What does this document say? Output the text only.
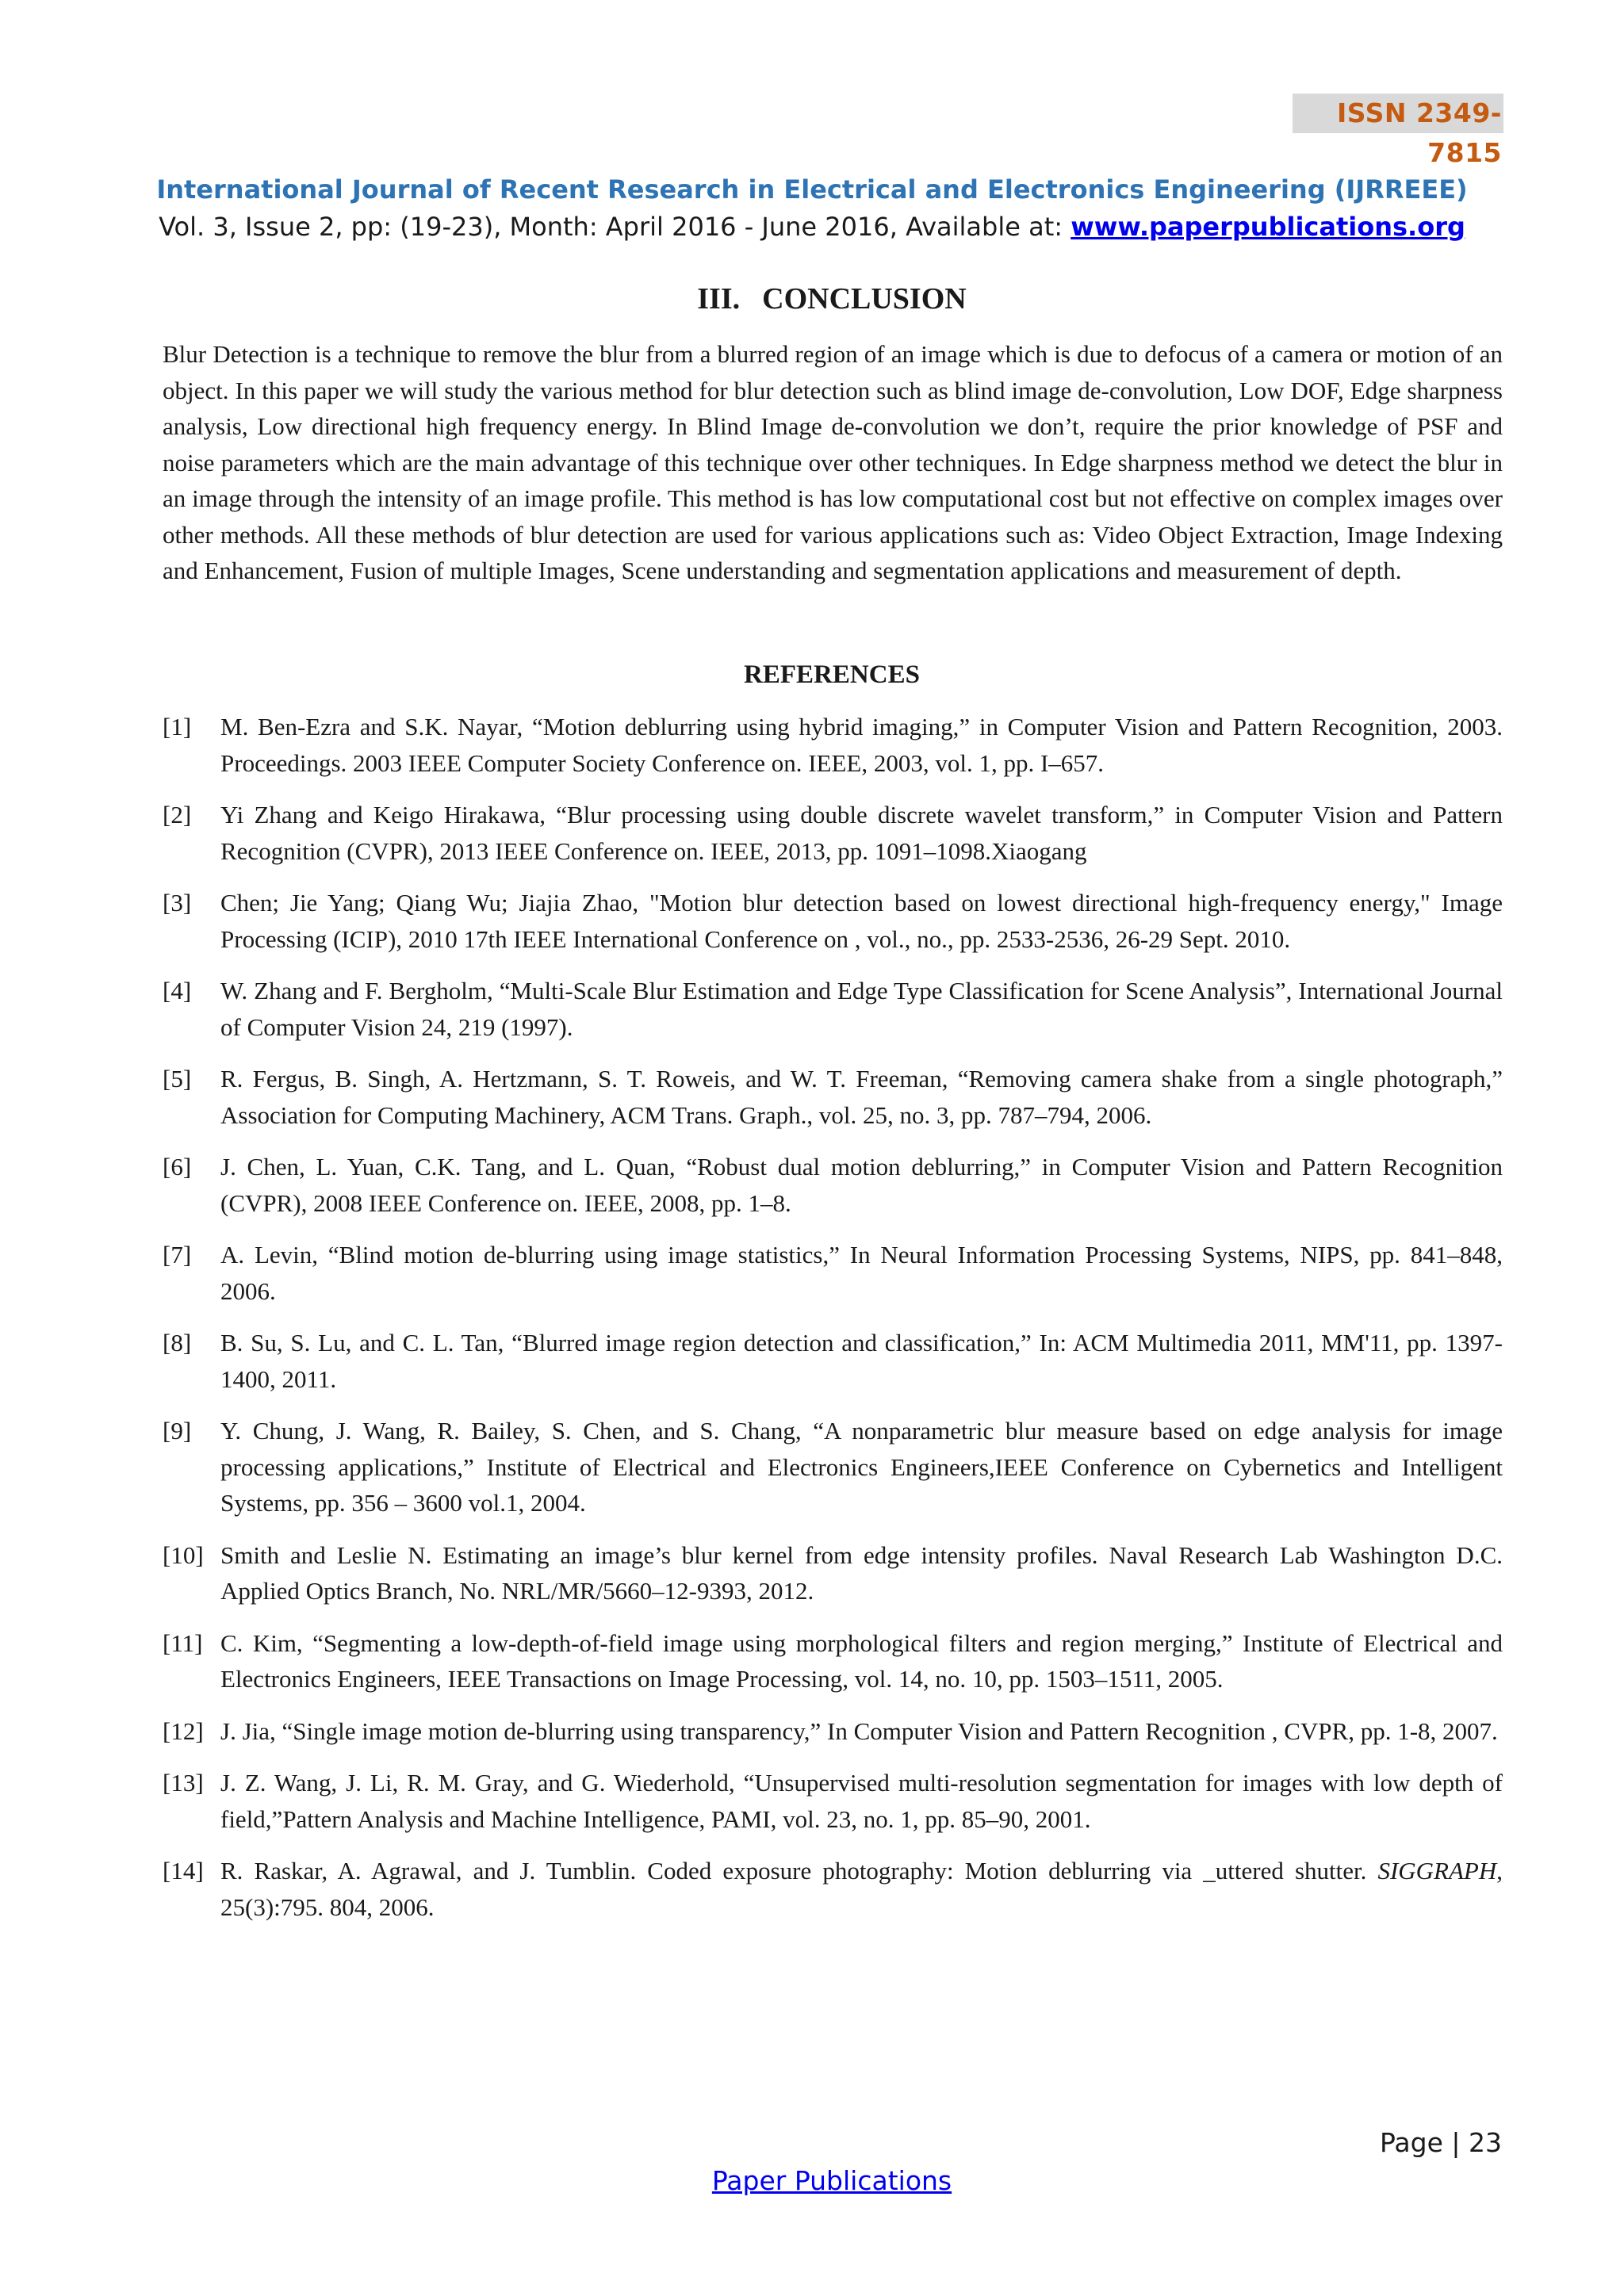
ISSN 2349-7815
International Journal of Recent Research in Electrical and Electronics Engineering (IJRREEE)
Vol. 3, Issue 2, pp: (19-23), Month: April 2016 - June 2016, Available at: www.paperpublications.org
III. CONCLUSION

Blur Detection is a technique to remove the blur from a blurred region of an image which is due to defocus of a camera or motion of an object. In this paper we will study the various method for blur detection such as blind image de-convolution, Low DOF, Edge sharpness analysis, Low directional high frequency energy. In Blind Image de-convolution we don’t, require the prior knowledge of PSF and noise parameters which are the main advantage of this technique over other techniques. In Edge sharpness method we detect the blur in an image through the intensity of an image profile. This method is has low computational cost but not effective on complex images over other methods. All these methods of blur detection are used for various applications such as: Video Object Extraction, Image Indexing and Enhancement, Fusion of multiple Images, Scene understanding and segmentation applications and measurement of depth.

REFERENCES
[1] M. Ben-Ezra and S.K. Nayar, “Motion deblurring using hybrid imaging,” in Computer Vision and Pattern Recognition, 2003. Proceedings. 2003 IEEE Computer Society Conference on. IEEE, 2003, vol. 1, pp. I–657.
[2] Yi Zhang and Keigo Hirakawa, “Blur processing using double discrete wavelet transform,” in Computer Vision and Pattern Recognition (CVPR), 2013 IEEE Conference on. IEEE, 2013, pp. 1091–1098.Xiaogang
[3] Chen; Jie Yang; Qiang Wu; Jiajia Zhao, "Motion blur detection based on lowest directional high-frequency energy," Image Processing (ICIP), 2010 17th IEEE International Conference on , vol., no., pp. 2533-2536, 26-29 Sept. 2010.
[4] W. Zhang and F. Bergholm, “Multi-Scale Blur Estimation and Edge Type Classification for Scene Analysis”, International Journal of Computer Vision 24, 219 (1997).
[5] R. Fergus, B. Singh, A. Hertzmann, S. T. Roweis, and W. T. Freeman, “Removing camera shake from a single photograph,” Association for Computing Machinery, ACM Trans. Graph., vol. 25, no. 3, pp. 787–794, 2006.
[6] J. Chen, L. Yuan, C.K. Tang, and L. Quan, “Robust dual motion deblurring,” in Computer Vision and Pattern Recognition (CVPR), 2008 IEEE Conference on. IEEE, 2008, pp. 1–8.
[7] A. Levin, “Blind motion de-blurring using image statistics,” In Neural Information Processing Systems, NIPS, pp. 841–848, 2006.
[8] B. Su, S. Lu, and C. L. Tan, “Blurred image region detection and classification,” In: ACM Multimedia 2011, MM'11, pp. 1397- 1400, 2011.
[9] Y. Chung, J. Wang, R. Bailey, S. Chen, and S. Chang, “A nonparametric blur measure based on edge analysis for image processing applications,” Institute of Electrical and Electronics Engineers,IEEE Conference on Cybernetics and Intelligent Systems, pp. 356 – 3600 vol.1, 2004.
[10] Smith and Leslie N. Estimating an image’s blur kernel from edge intensity profiles. Naval Research Lab Washington D.C. Applied Optics Branch, No. NRL/MR/5660–12-9393, 2012.
[11] C. Kim, “Segmenting a low-depth-of-field image using morphological filters and region merging,” Institute of Electrical and Electronics Engineers, IEEE Transactions on Image Processing, vol. 14, no. 10, pp. 1503–1511, 2005.
[12] J. Jia, “Single image motion de-blurring using transparency,” In Computer Vision and Pattern Recognition , CVPR, pp. 1-8, 2007.
[13] J. Z. Wang, J. Li, R. M. Gray, and G. Wiederhold, “Unsupervised multi-resolution segmentation for images with low depth of field,”Pattern Analysis and Machine Intelligence, PAMI, vol. 23, no. 1, pp. 85–90, 2001.
[14] R. Raskar, A. Agrawal, and J. Tumblin. Coded exposure photography: Motion deblurring via _uttered shutter. SIGGRAPH, 25(3):795. 804, 2006.
Page | 23
Paper Publications
